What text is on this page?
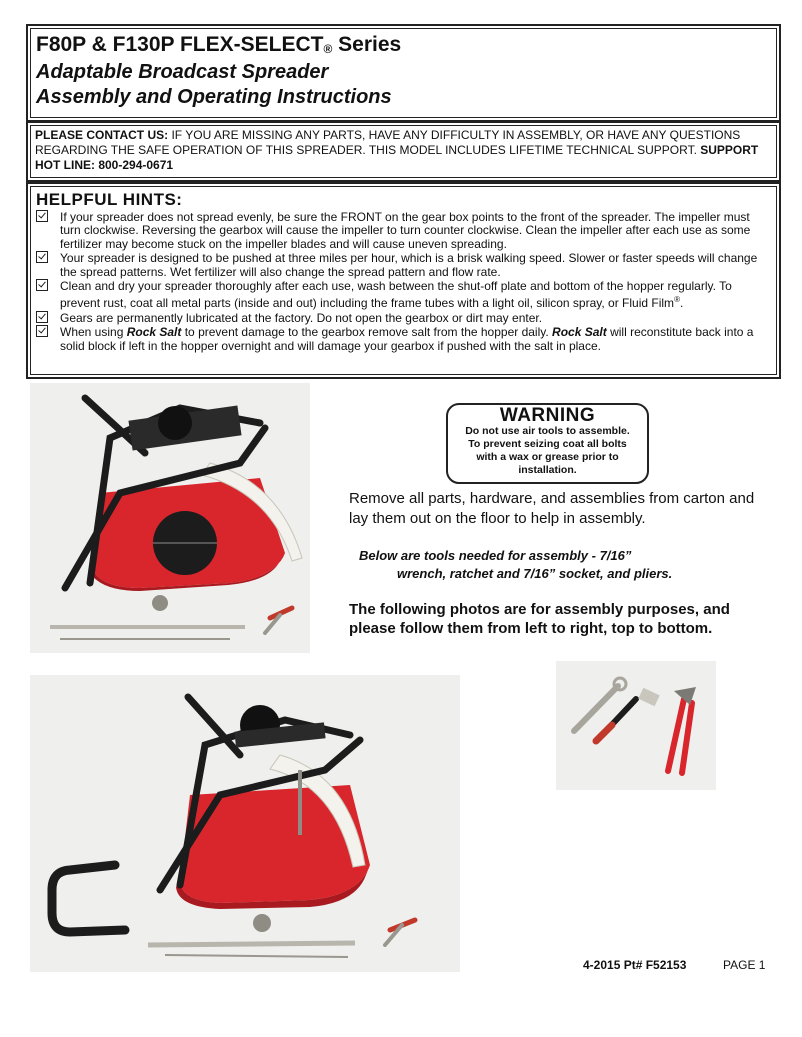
F80P & F130P FLEX-SELECT® Series
Adaptable Broadcast Spreader
Assembly and Operating Instructions
PLEASE CONTACT US: IF YOU ARE MISSING ANY PARTS, HAVE ANY DIFFICULTY IN ASSEMBLY, OR HAVE ANY QUESTIONS REGARDING THE SAFE OPERATION OF THIS SPREADER. THIS MODEL INCLUDES LIFETIME TECHNICAL SUPPORT. SUPPORT HOT LINE: 800-294-0671
HELPFUL HINTS:
If your spreader does not spread evenly, be sure the FRONT on the gear box points to the front of the spreader. The impeller must turn clockwise. Reversing the gearbox will cause the impeller to turn counter clockwise. Clean the impeller after each use as some fertilizer may become stuck on the impeller blades and will cause uneven spreading.
Your spreader is designed to be pushed at three miles per hour, which is a brisk walking speed. Slower or faster speeds will change the spread patterns. Wet fertilizer will also change the spread pattern and flow rate.
Clean and dry your spreader thoroughly after each use, wash between the shut-off plate and bottom of the hopper regularly. To prevent rust, coat all metal parts (inside and out) including the frame tubes with a light oil, silicon spray, or Fluid Film®.
Gears are permanently lubricated at the factory. Do not open the gearbox or dirt may enter.
When using Rock Salt to prevent damage to the gearbox remove salt from the hopper daily. Rock Salt will reconstitute back into a solid block if left in the hopper overnight and will damage your gearbox if pushed with the salt in place.
WARNING
Do not use air tools to assemble. To prevent seizing coat all bolts with a wax or grease prior to installation.
Remove all parts, hardware, and assemblies from carton and lay them out on the floor to help in assembly.
Below are tools needed for assembly - 7/16”
wrench, ratchet and 7/16” socket, and pliers.
The following photos are for assembly purposes, and please follow them from left to right, top to bottom.
4-2015 Pt# F52153	PAGE 1
